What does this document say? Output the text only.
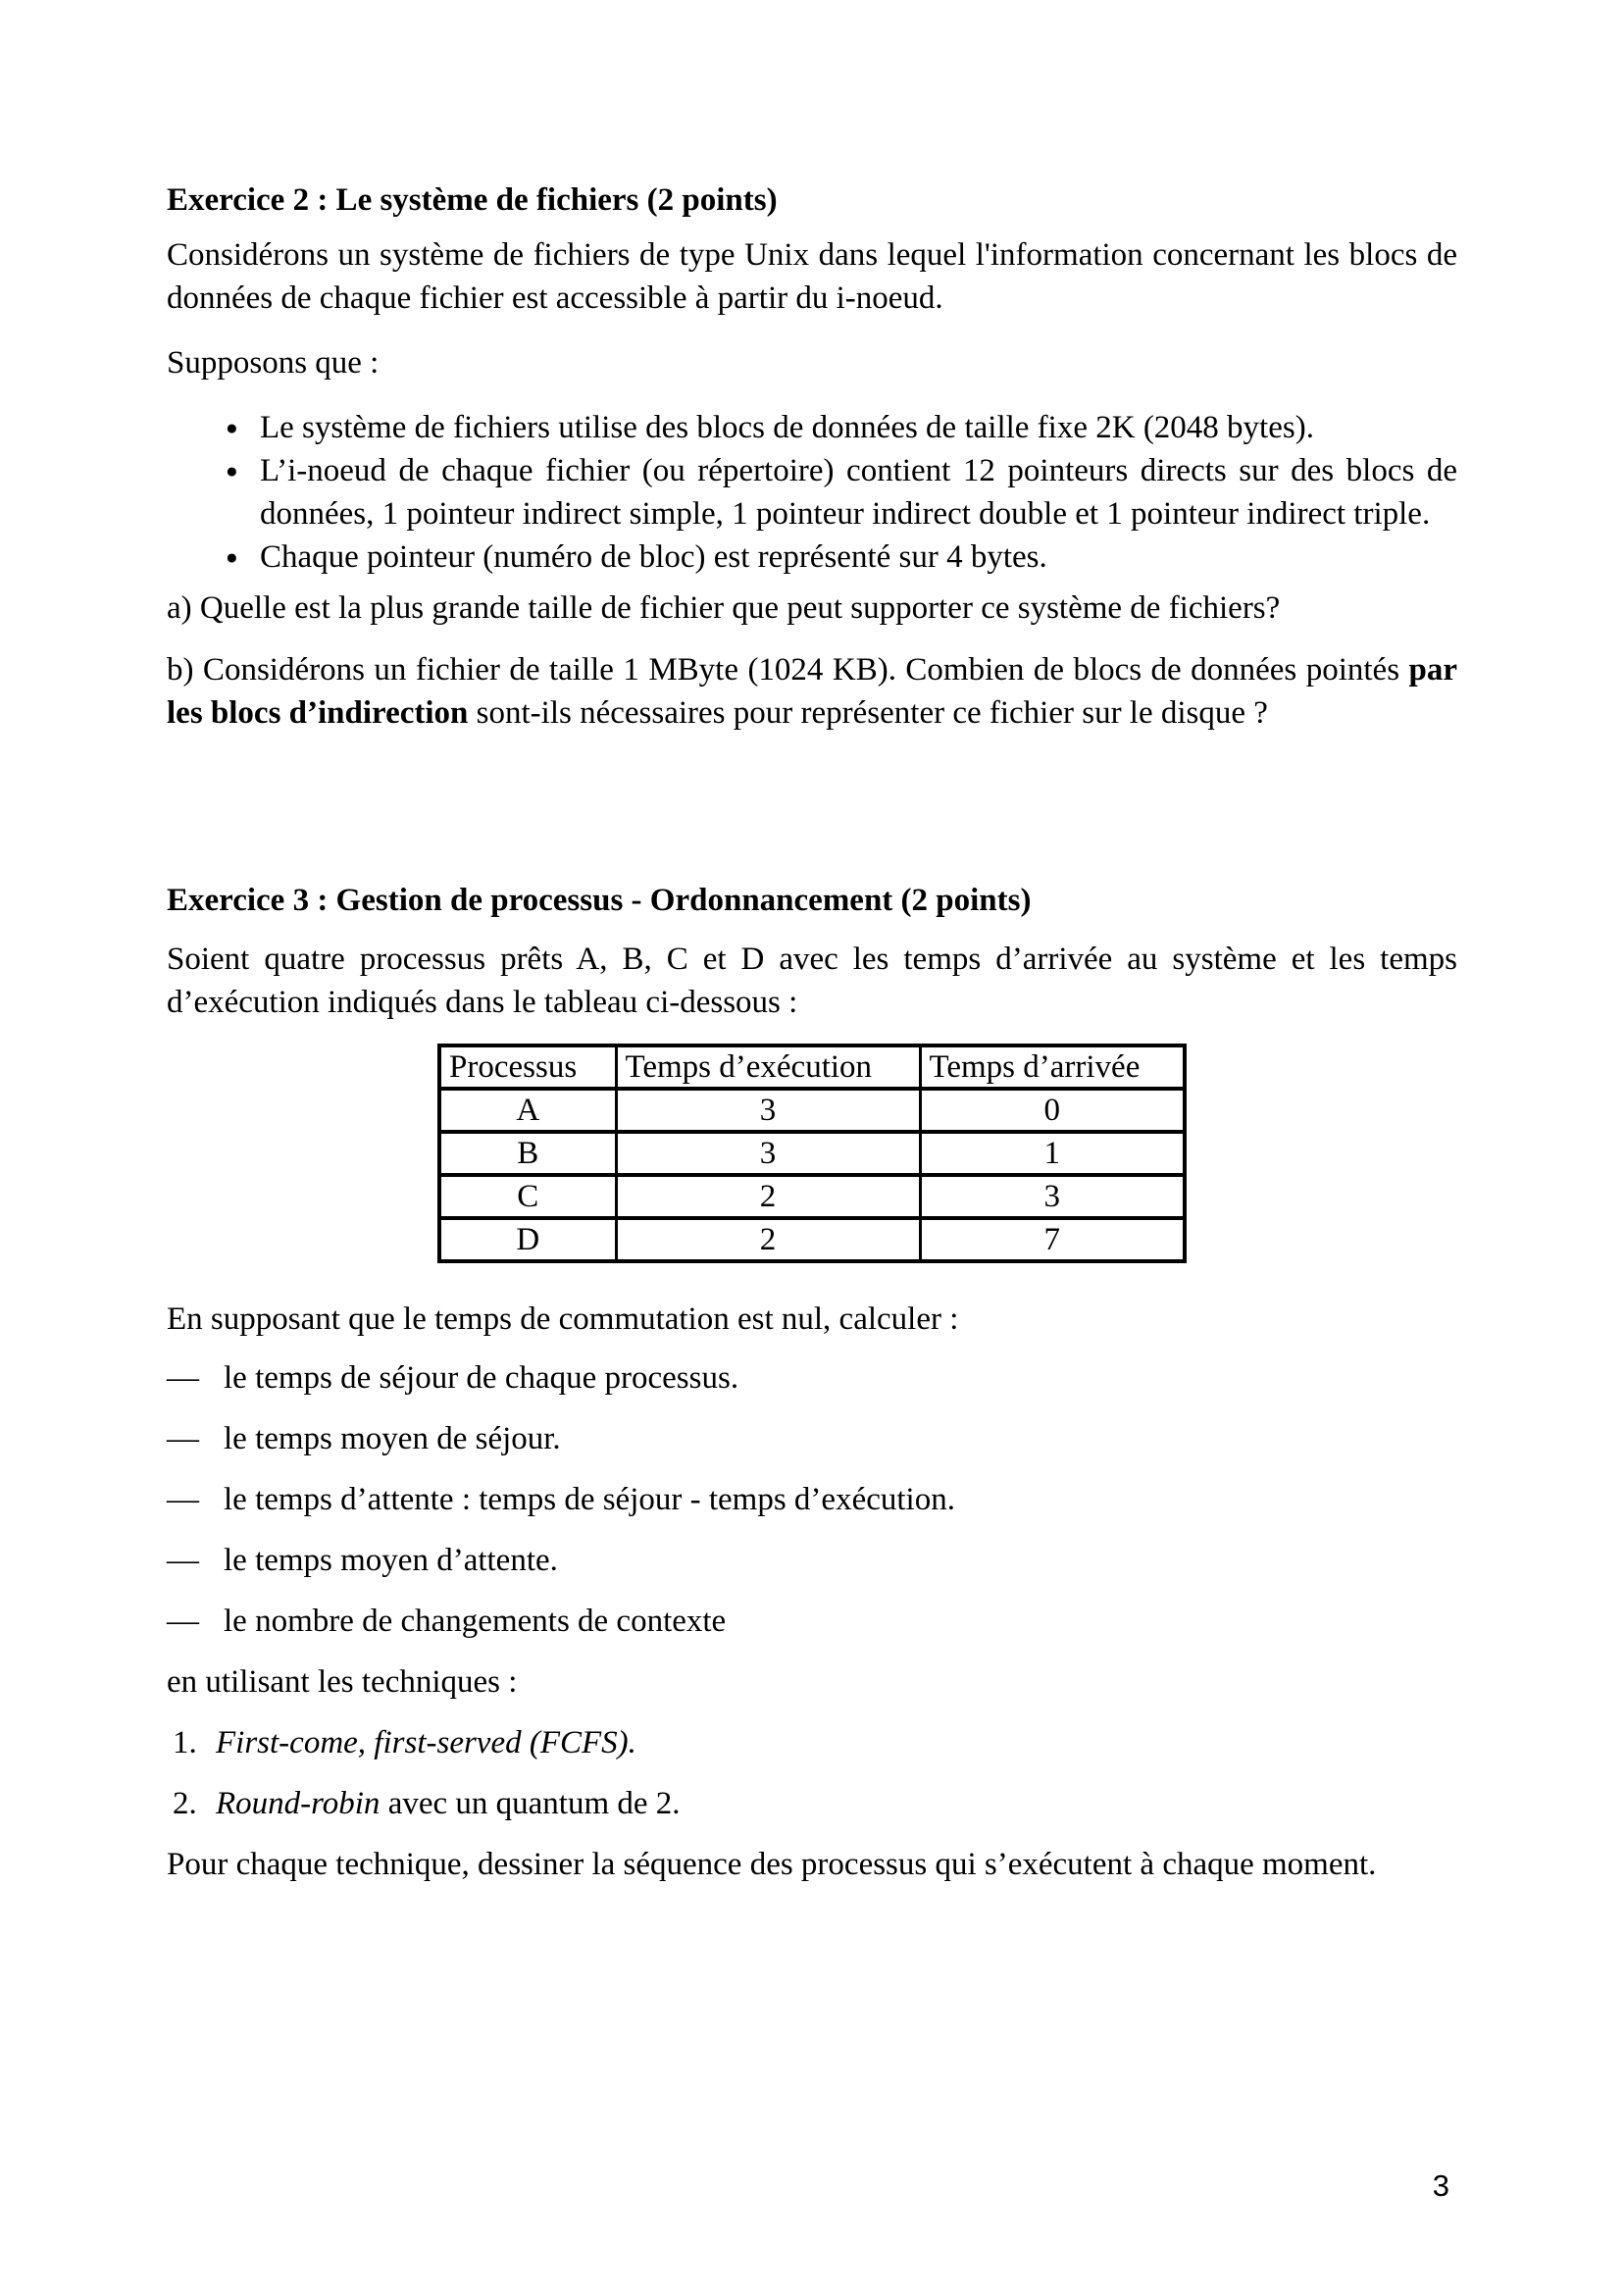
Exercice 2 : Le système de fichiers (2 points)
Considérons un système de fichiers de type Unix dans lequel l'information concernant les blocs de données de chaque fichier est accessible à partir du i-noeud.
Supposons que :
● Le système de fichiers utilise des blocs de données de taille fixe 2K (2048 bytes).
● L’i-noeud de chaque fichier (ou répertoire) contient 12 pointeurs directs sur des blocs de données, 1 pointeur indirect simple, 1 pointeur indirect double et 1 pointeur indirect triple.
● Chaque pointeur (numéro de bloc) est représenté sur 4 bytes.
a) Quelle est la plus grande taille de fichier que peut supporter ce système de fichiers?
b) Considérons un fichier de taille 1 MByte (1024 KB). Combien de blocs de données pointés par les blocs d’indirection sont-ils nécessaires pour représenter ce fichier sur le disque ?
Exercice 3 : Gestion de processus - Ordonnancement (2 points)
Soient quatre processus prêts A, B, C et D avec les temps d’arrivée au système et les temps d’exécution indiqués dans le tableau ci-dessous :
Processus	Temps d’exécution	Temps d’arrivée
A	3	0
B	3	1
C	2	3
D	2	7
En supposant que le temps de commutation est nul, calculer :
— le temps de séjour de chaque processus.
— le temps moyen de séjour.
— le temps d’attente : temps de séjour - temps d’exécution.
— le temps moyen d’attente.
— le nombre de changements de contexte
en utilisant les techniques :
1. First-come, first-served (FCFS).
2. Round-robin avec un quantum de 2.
Pour chaque technique, dessiner la séquence des processus qui s’exécutent à chaque moment.
3
